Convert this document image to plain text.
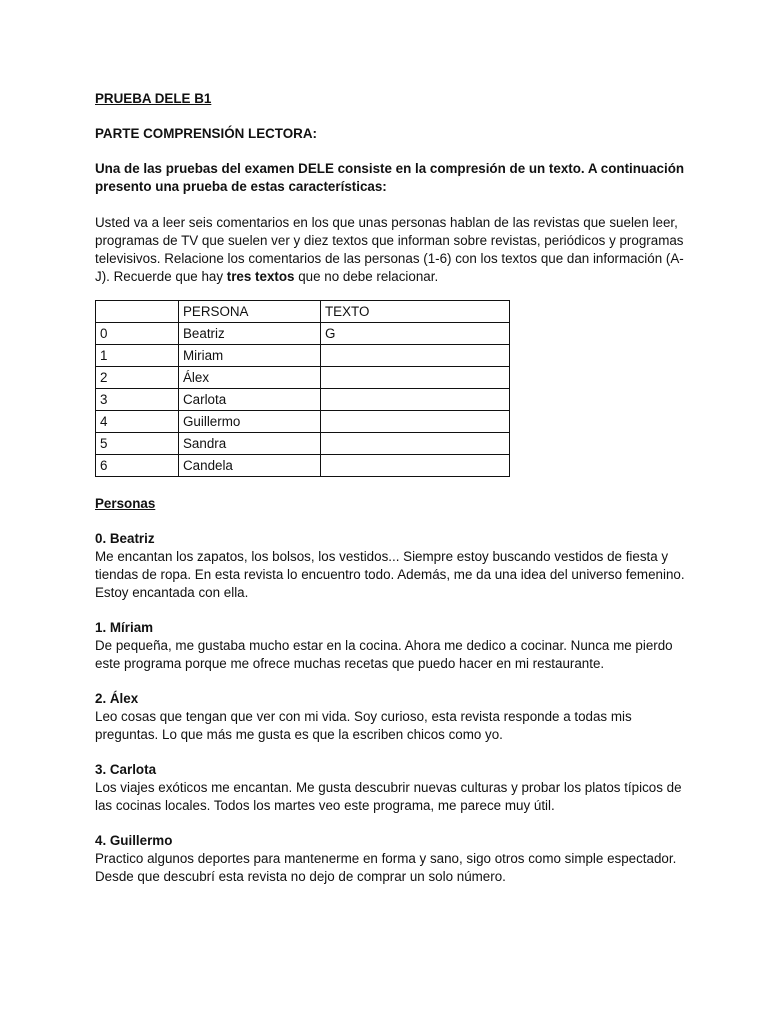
PRUEBA DELE B1

PARTE COMPRENSIÓN LECTORA:

Una de las pruebas del examen DELE consiste en la compresión de un texto. A continuación presento una prueba de estas características:

Usted va a leer seis comentarios en los que unas personas hablan de las revistas que suelen leer, programas de TV que suelen ver y diez textos que informan sobre revistas, periódicos y programas televisivos. Relacione los comentarios de las personas (1-6) con los textos que dan información (A-J). Recuerde que hay tres textos que no debe relacionar.

	PERSONA	TEXTO
0	Beatriz	G
1	Miriam	
2	Álex	
3	Carlota	
4	Guillermo	
5	Sandra	
6	Candela	

Personas

0. Beatriz

Me encantan los zapatos, los bolsos, los vestidos... Siempre estoy buscando vestidos de fiesta y tiendas de ropa. En esta revista lo encuentro todo. Además, me da una idea del universo femenino. Estoy encantada con ella.

1. Míriam

De pequeña, me gustaba mucho estar en la cocina. Ahora me dedico a cocinar. Nunca me pierdo este programa porque me ofrece muchas recetas que puedo hacer en mi restaurante.

2. Álex

Leo cosas que tengan que ver con mi vida. Soy curioso, esta revista responde a todas mis preguntas. Lo que más me gusta es que la escriben chicos como yo.

3. Carlota

Los viajes exóticos me encantan. Me gusta descubrir nuevas culturas y probar los platos típicos de las cocinas locales. Todos los martes veo este programa, me parece muy útil.

4. Guillermo

Practico algunos deportes para mantenerme en forma y sano, sigo otros como simple espectador. Desde que descubrí esta revista no dejo de comprar un solo número.
